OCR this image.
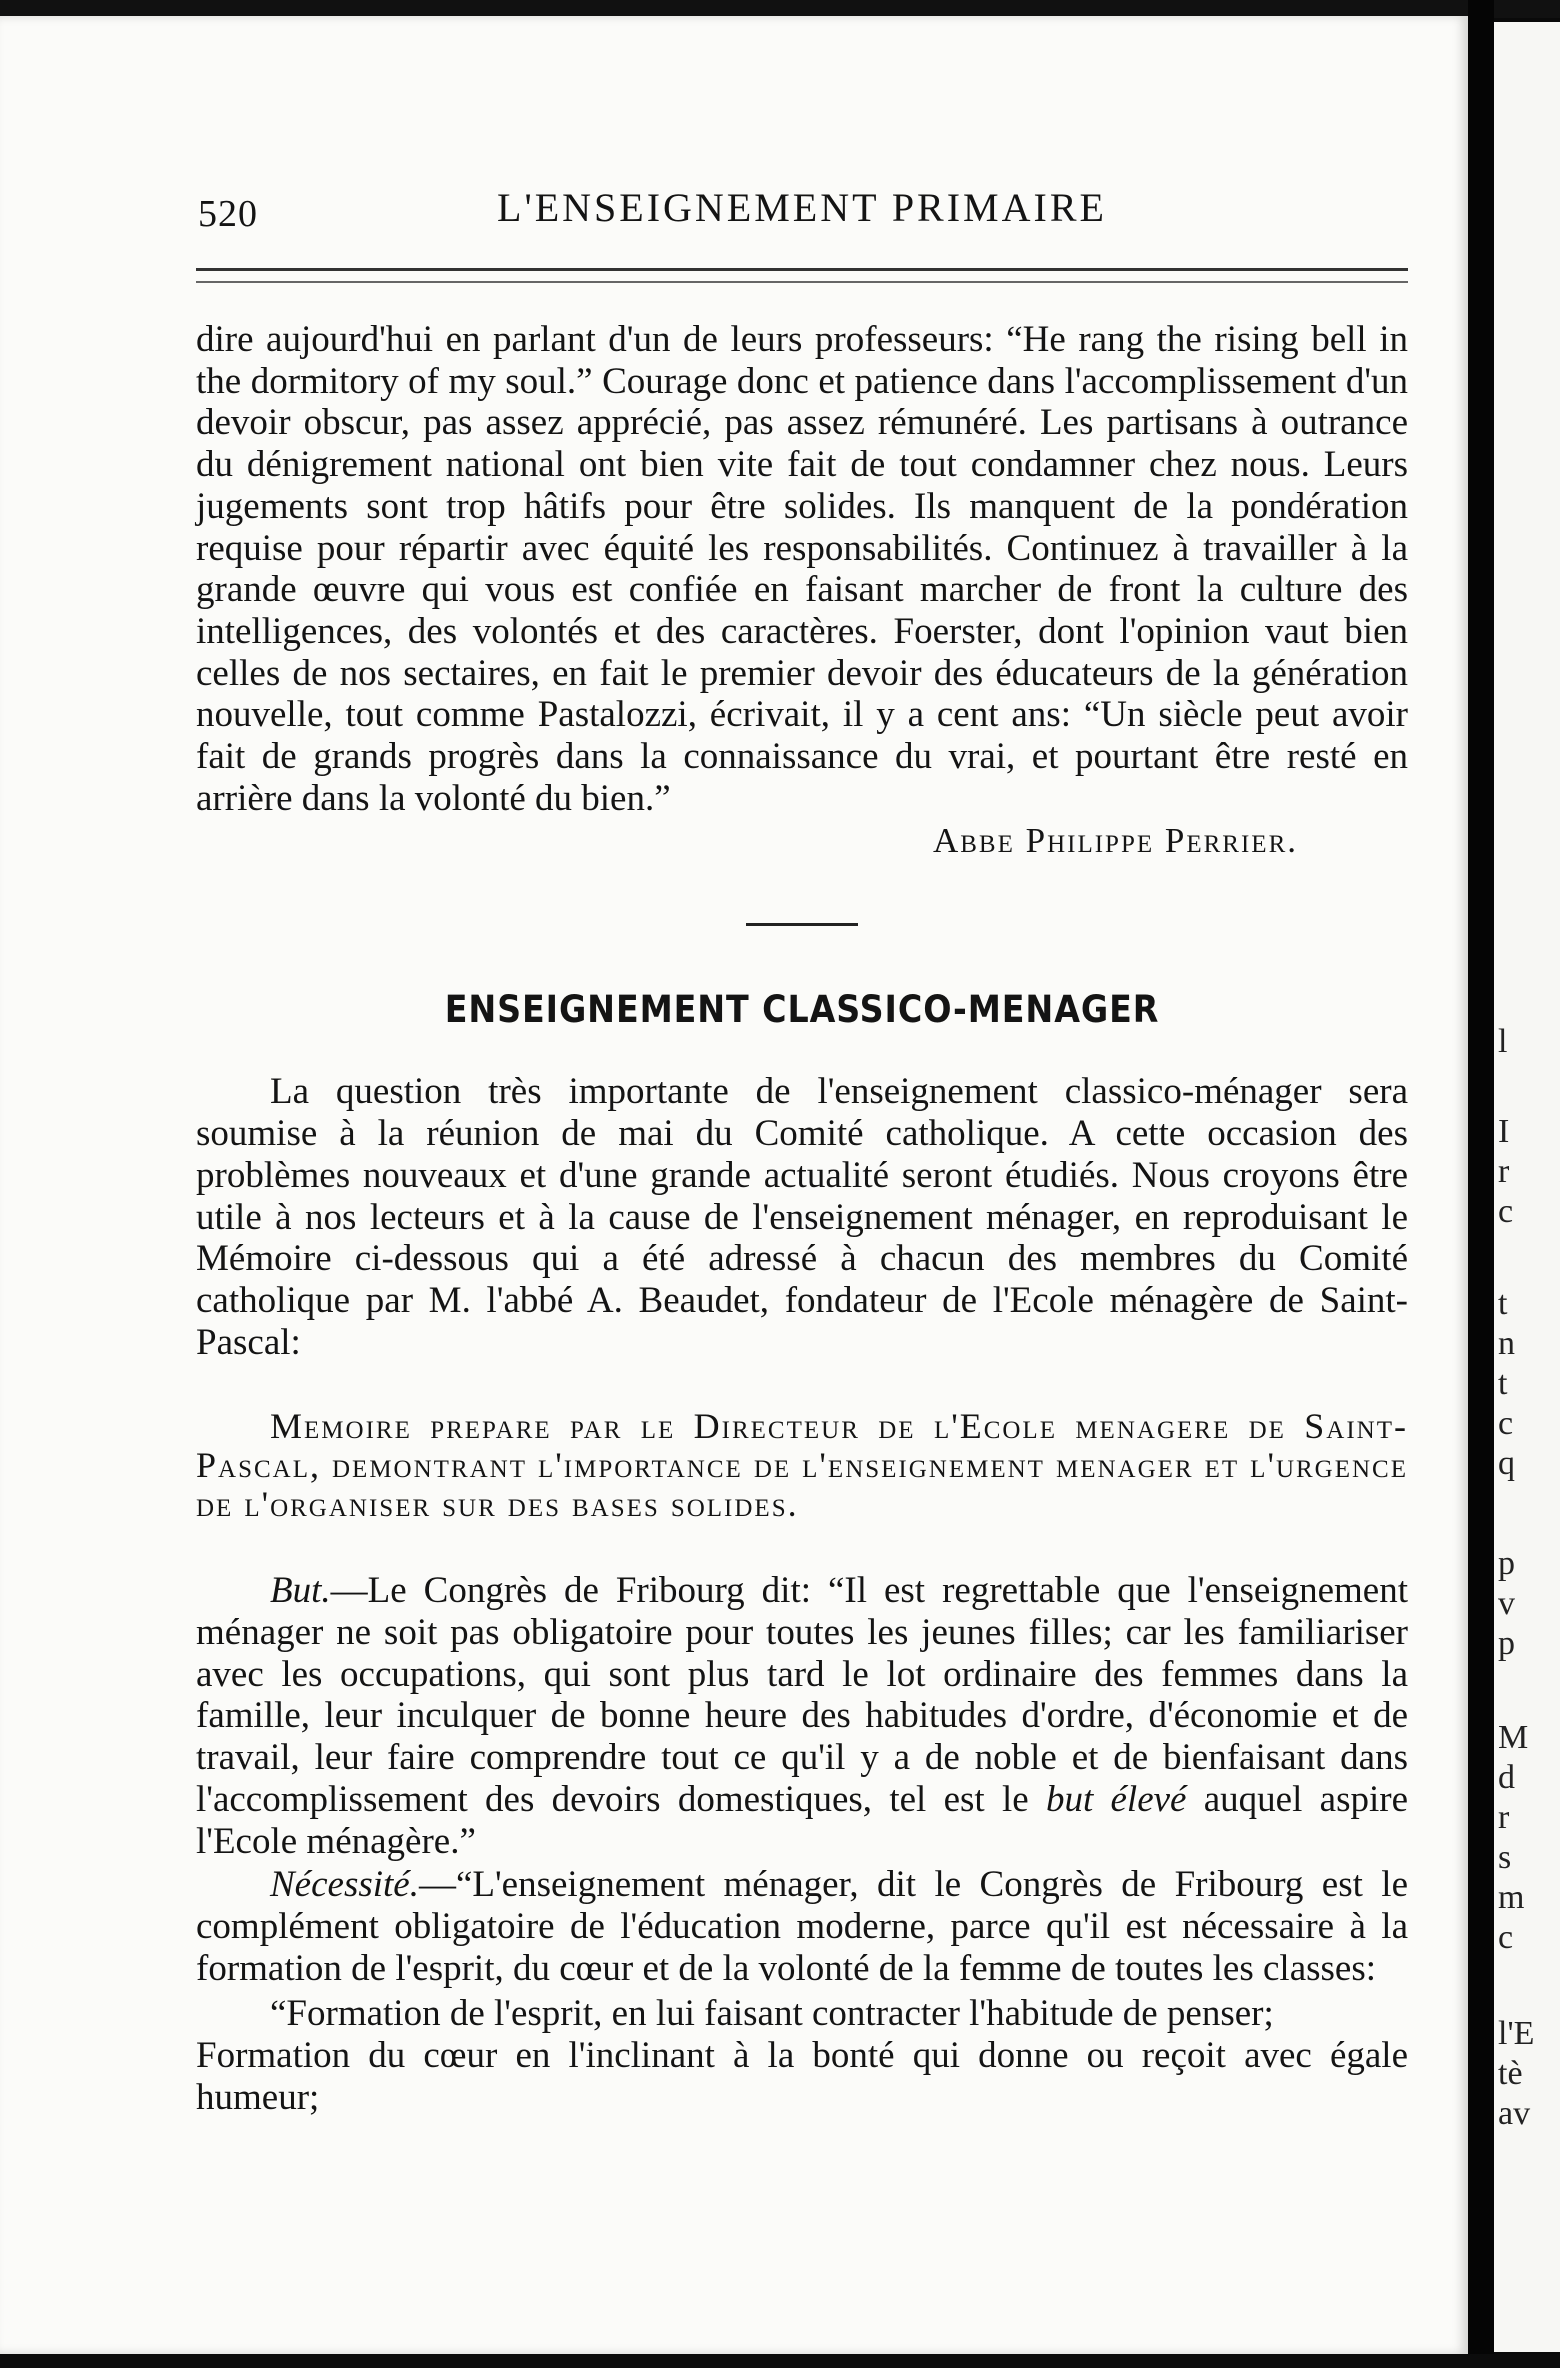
520	L'ENSEIGNEMENT PRIMAIRE

dire aujourd'hui en parlant d'un de leurs professeurs: “He rang the rising bell in the dormitory of my soul.” Courage donc et patience dans l'accomplissement d'un devoir obscur, pas assez apprécié, pas assez rémunéré. Les partisans à outrance du dénigrement national ont bien vite fait de tout condamner chez nous. Leurs jugements sont trop hâtifs pour être solides. Ils manquent de la pondération requise pour répartir avec équité les responsabilités. Continuez à travailler à la grande œuvre qui vous est confiée en faisant marcher de front la culture des intelligences, des volontés et des caractères. Foerster, dont l'opinion vaut bien celles de nos sectaires, en fait le premier devoir des éducateurs de la génération nouvelle, tout comme Pastalozzi, écrivait, il y a cent ans: “Un siècle peut avoir fait de grands progrès dans la connaissance du vrai, et pourtant être resté en arrière dans la volonté du bien.”

Abbe Philippe Perrier.
ENSEIGNEMENT CLASSICO-MENAGER

La question très importante de l'enseignement classico-ménager sera soumise à la réunion de mai du Comité catholique. A cette occasion des problèmes nouveaux et d'une grande actualité seront étudiés. Nous croyons être utile à nos lecteurs et à la cause de l'enseignement ménager, en reproduisant le Mémoire ci-dessous qui a été adressé à chacun des membres du Comité catholique par M. l'abbé A. Beaudet, fondateur de l'Ecole ménagère de Saint-Pascal:

Memoire prepare par le Directeur de l'Ecole menagere de Saint-Pascal, demontrant l'importance de l'enseignement menager et l'urgence de l'organiser sur des bases solides.

But.—Le Congrès de Fribourg dit: “Il est regrettable que l'enseignement ménager ne soit pas obligatoire pour toutes les jeunes filles; car les familiariser avec les occupations, qui sont plus tard le lot ordinaire des femmes dans la famille, leur inculquer de bonne heure des habitudes d'ordre, d'économie et de travail, leur faire comprendre tout ce qu'il y a de noble et de bienfaisant dans l'accomplissement des devoirs domestiques, tel est le but élevé auquel aspire l'Ecole ménagère.”

Nécessité.—“L'enseignement ménager, dit le Congrès de Fribourg est le complément obligatoire de l'éducation moderne, parce qu'il est nécessaire à la formation de l'esprit, du cœur et de la volonté de la femme de toutes les classes:

“Formation de l'esprit, en lui faisant contracter l'habitude de penser;

Formation du cœur en l'inclinant à la bonté qui donne ou reçoit avec égale humeur;

l
I
r
c
t
n
t
c
q
p
v
p
M
d
r
s
m
c
l'E
tè
av
